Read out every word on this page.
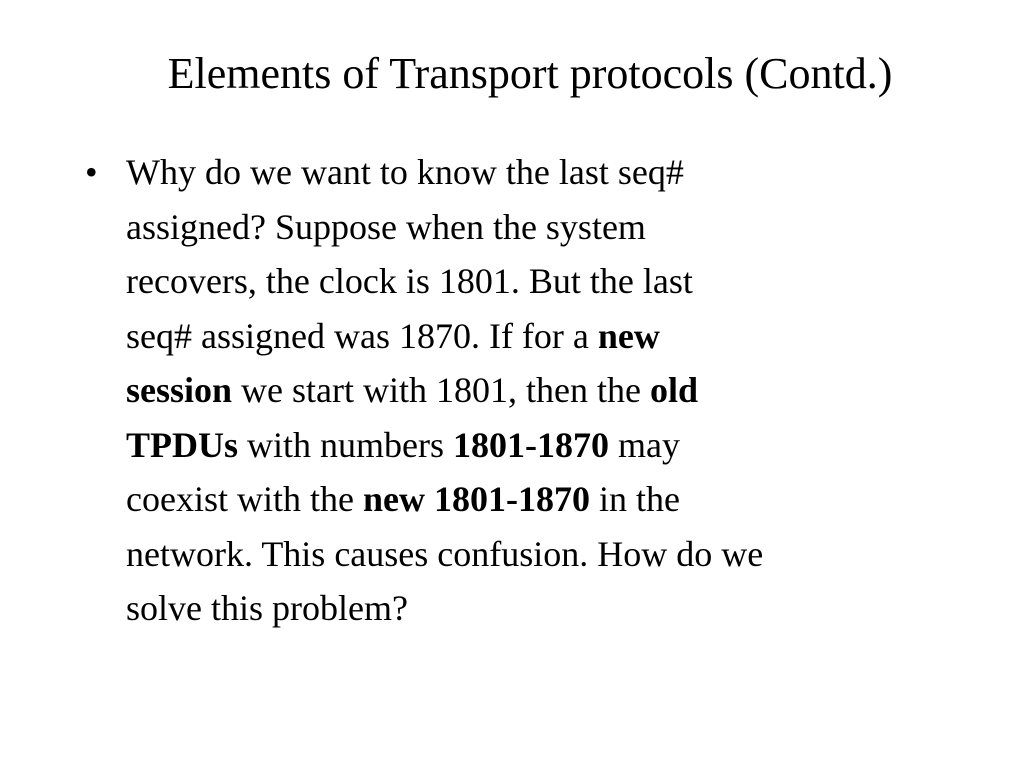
Elements of Transport protocols (Contd.)
• Why do we want to know the last seq#
assigned? Suppose when the system
recovers, the clock is 1801. But the last
seq# assigned was 1870. If for a new
session we start with 1801, then the old
TPDUs with numbers 1801-1870 may
coexist with the new 1801-1870 in the
network. This causes confusion. How do we
solve this problem?
